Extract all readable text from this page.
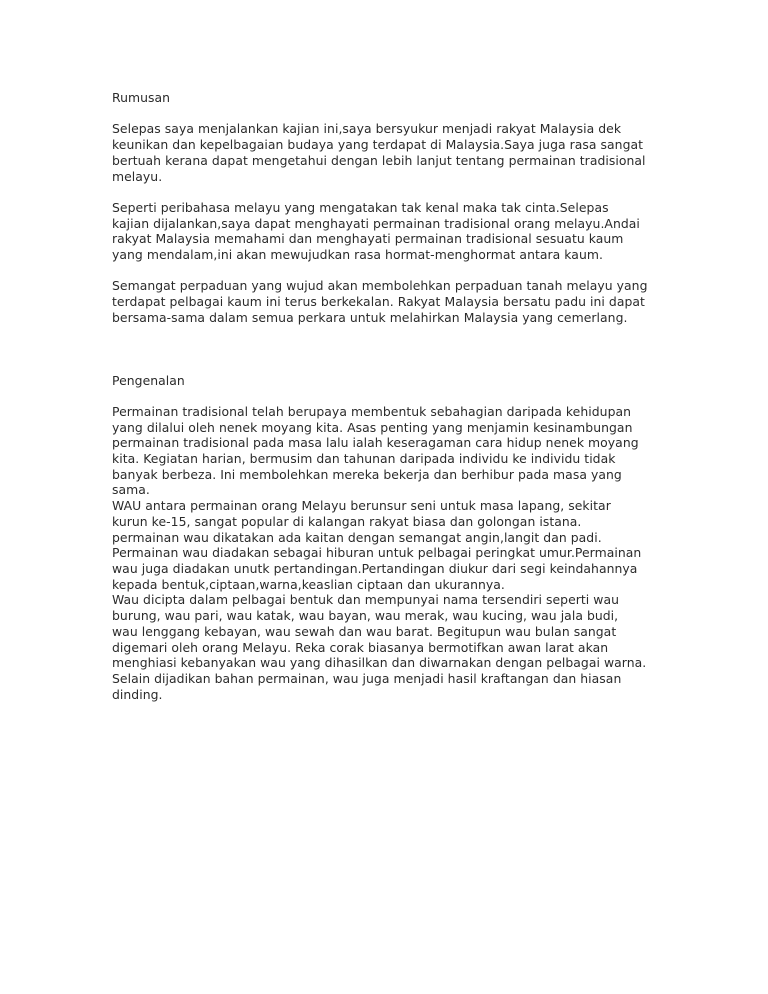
Rumusan
Selepas saya menjalankan kajian ini,saya bersyukur menjadi rakyat Malaysia dek
keunikan dan kepelbagaian budaya yang terdapat di Malaysia.Saya juga rasa sangat
bertuah kerana dapat mengetahui dengan lebih lanjut tentang permainan tradisional
melayu.
Seperti peribahasa melayu yang mengatakan tak kenal maka tak cinta.Selepas
kajian dijalankan,saya dapat menghayati permainan tradisional orang melayu.Andai
rakyat Malaysia memahami dan menghayati permainan tradisional sesuatu kaum
yang mendalam,ini akan mewujudkan rasa hormat-menghormat antara kaum.
Semangat perpaduan yang wujud akan membolehkan perpaduan tanah melayu yang
terdapat pelbagai kaum ini terus berkekalan. Rakyat Malaysia bersatu padu ini dapat
bersama-sama dalam semua perkara untuk melahirkan Malaysia yang cemerlang.
Pengenalan
Permainan tradisional telah berupaya membentuk sebahagian daripada kehidupan
yang dilalui oleh nenek moyang kita. Asas penting yang menjamin kesinambungan
permainan tradisional pada masa lalu ialah keseragaman cara hidup nenek moyang
kita. Kegiatan harian, bermusim dan tahunan daripada individu ke individu tidak
banyak berbeza. Ini membolehkan mereka bekerja dan berhibur pada masa yang
sama.
WAU antara permainan orang Melayu berunsur seni untuk masa lapang, sekitar
kurun ke-15, sangat popular di kalangan rakyat biasa dan golongan istana.
permainan wau dikatakan ada kaitan dengan semangat angin,langit dan padi.
Permainan wau diadakan sebagai hiburan untuk pelbagai peringkat umur.Permainan
wau juga diadakan unutk pertandingan.Pertandingan diukur dari segi keindahannya
kepada bentuk,ciptaan,warna,keaslian ciptaan dan ukurannya.
Wau dicipta dalam pelbagai bentuk dan mempunyai nama tersendiri seperti wau
burung, wau pari, wau katak, wau bayan, wau merak, wau kucing, wau jala budi,
wau lenggang kebayan, wau sewah dan wau barat. Begitupun wau bulan sangat
digemari oleh orang Melayu. Reka corak biasanya bermotifkan awan larat akan
menghiasi kebanyakan wau yang dihasilkan dan diwarnakan dengan pelbagai warna.
Selain dijadikan bahan permainan, wau juga menjadi hasil kraftangan dan hiasan
dinding.
